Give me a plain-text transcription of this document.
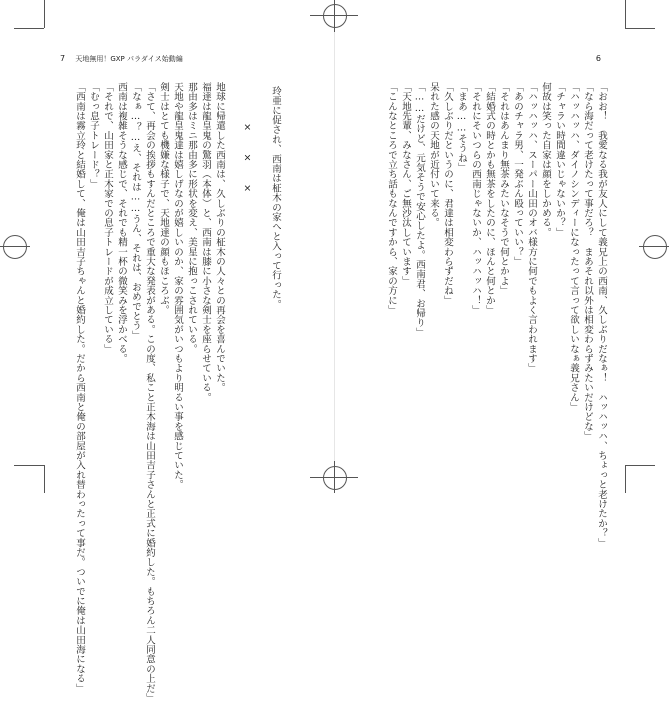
7 天地無用！GXP パラダイス始動編

玲亜に促され、西南は柾木の家へと入って行った。

×　　×　　×

地球に帰還した西南は、久しぶりの柾木の人々との再会を喜んでいた。

福達は龍皇鬼の驚羽（本体）と、西南は膝に小さな剣士を座らせている。

那由多はミニ那由多に形状を変え、美星に抱っこされている。

天地や龍皇鬼達は嬉しげなのが嬉しいのか、家の雰囲気がいつもより明るい事を感じていた。

剣士はとても機嫌な様子で、天地達の顔もほころぶ。

「さて、再会の挨拶もすんだところで重大な発表がある。この度、私こと正木海は山田吉子さんと正式に婚約した。もちろん二人同意の上だ」

「なぁ…？…え、それは……うん、それは、おめでとう」

西南は複雑そうな感じで、それでも精一杯の微笑みを浮かべる。

「それで、山田家と正木家での息子トレードが成立している」

「むっ息子トレード？」

「西南は霧立玲と結婚して、俺は山田吉子ちゃんと婚約した。だから西南と俺の部屋が入れ替わったって事だ。ついでに俺は山田海になる」

6

「おお！　我愛なる我が友人にして義兄上の西南、久しぶりだなぁ！　ハッハッハ、ちょっと老けたか？」

「なら海だって老けたって事だろ？　まあそれ以外は相変わらずみたいだけどな」

「ハッハッハ、ダイノシンディーになったって言って欲しいなぁ義兄さん」

「チャラい時間違いじゃないか？」

何故は笑った自家は顔をしかめる。

「ハッハッハ、スーパー山田のオバ様方に何でもよく言われます」

「あのチャラ男、一発ぶん殴っていい？」

「それはあんまり無茶みたいなそうで何とかよ」

「結婚式の時とかも無茶をしたのに、ほんと何とか」

「それにそいつらの西南じゃないか、ハッハッハ！」

「まあ……そうね」

「久しぶりだというのに、君達は相変わらずだね」

呆れた感の天地が近付いて来る。

「……だけど、元気そうで安心したよ。西南君、お帰り」

「天地先輩、みなさん、ご無沙汰しています」

「こんなところで立ち話もなんですから、家の方に」
